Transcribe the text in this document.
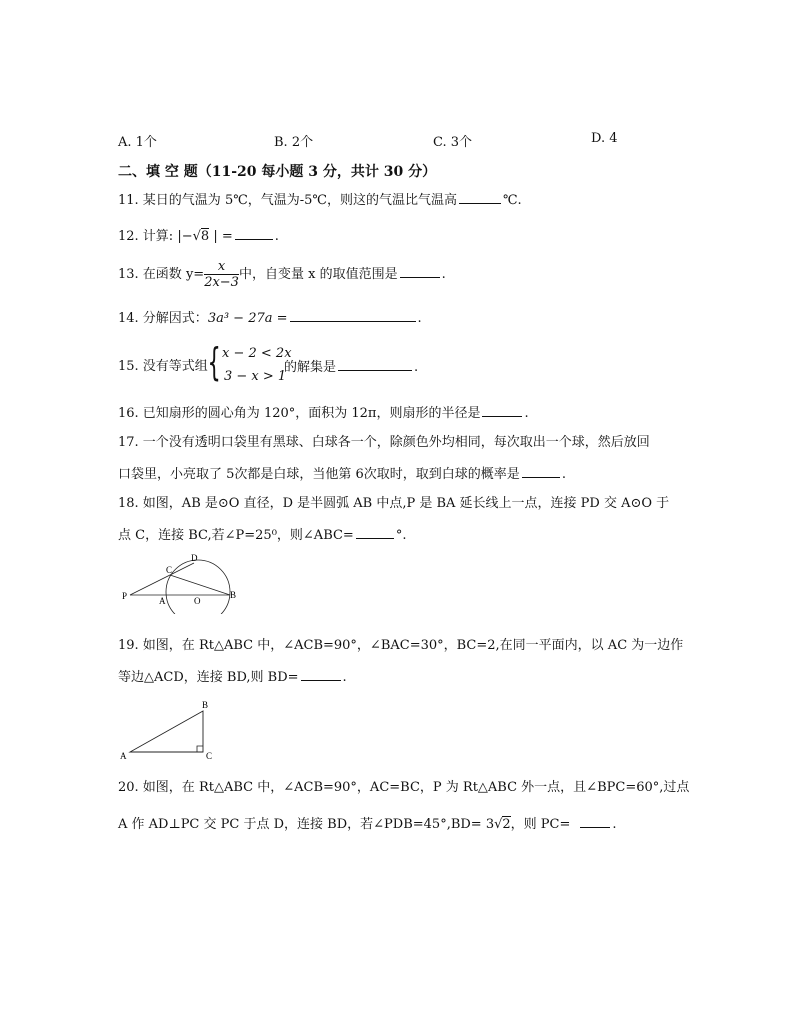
A. 1个	B. 2个	C. 3个	D. 4
二、填 空 题（11-20 每小题 3 分，共计 30 分）
11. 某日的气温为 5℃，气温为-5℃，则这的气温比气温高	℃.
12. 计算: |−√8 | =	.
13. 在函数 $y= \frac{x}{2x-3}$ 中，自变量 x 的取值范围是	.
14. 分解因式：3a³ − 27a =	.
15. 没有等式组 { x − 2 < 2x
3 − x > 1
的解集是	.
16. 已知扇形的圆心角为 120°，面积为 12π，则扇形的半径是	.
17. 一个没有透明口袋里有黑球、白球各一个，除颜色外均相同，每次取出一个球，然后放回
口袋里，小亮取了 5次都是白球，当他第 6次取时，取到白球的概率是	.
18. 如图，AB 是⊙O 直径，D 是半圆弧 AB 中点,P 是 BA 延长线上一点，连接 PD 交 A⊙O 于
点 C，连接 BC,若∠P=25⁰，则∠ABC=	°.
P
C
D
A	O
B
19. 如图，在 Rt△ABC 中，∠ACB=90°，∠BAC=30°，BC=2,在同一平面内，以 AC 为一边作
等边△ACD，连接 BD,则 BD=	.
B
A	C
20. 如图，在 Rt△ABC 中，∠ACB=90°，AC=BC，P 为 Rt△ABC 外一点，且∠BPC=60°,过点
A 作 AD⊥PC 交 PC 于点 D，连接 BD，若∠PDB=45°,BD= 3√2，则 PC=	.
